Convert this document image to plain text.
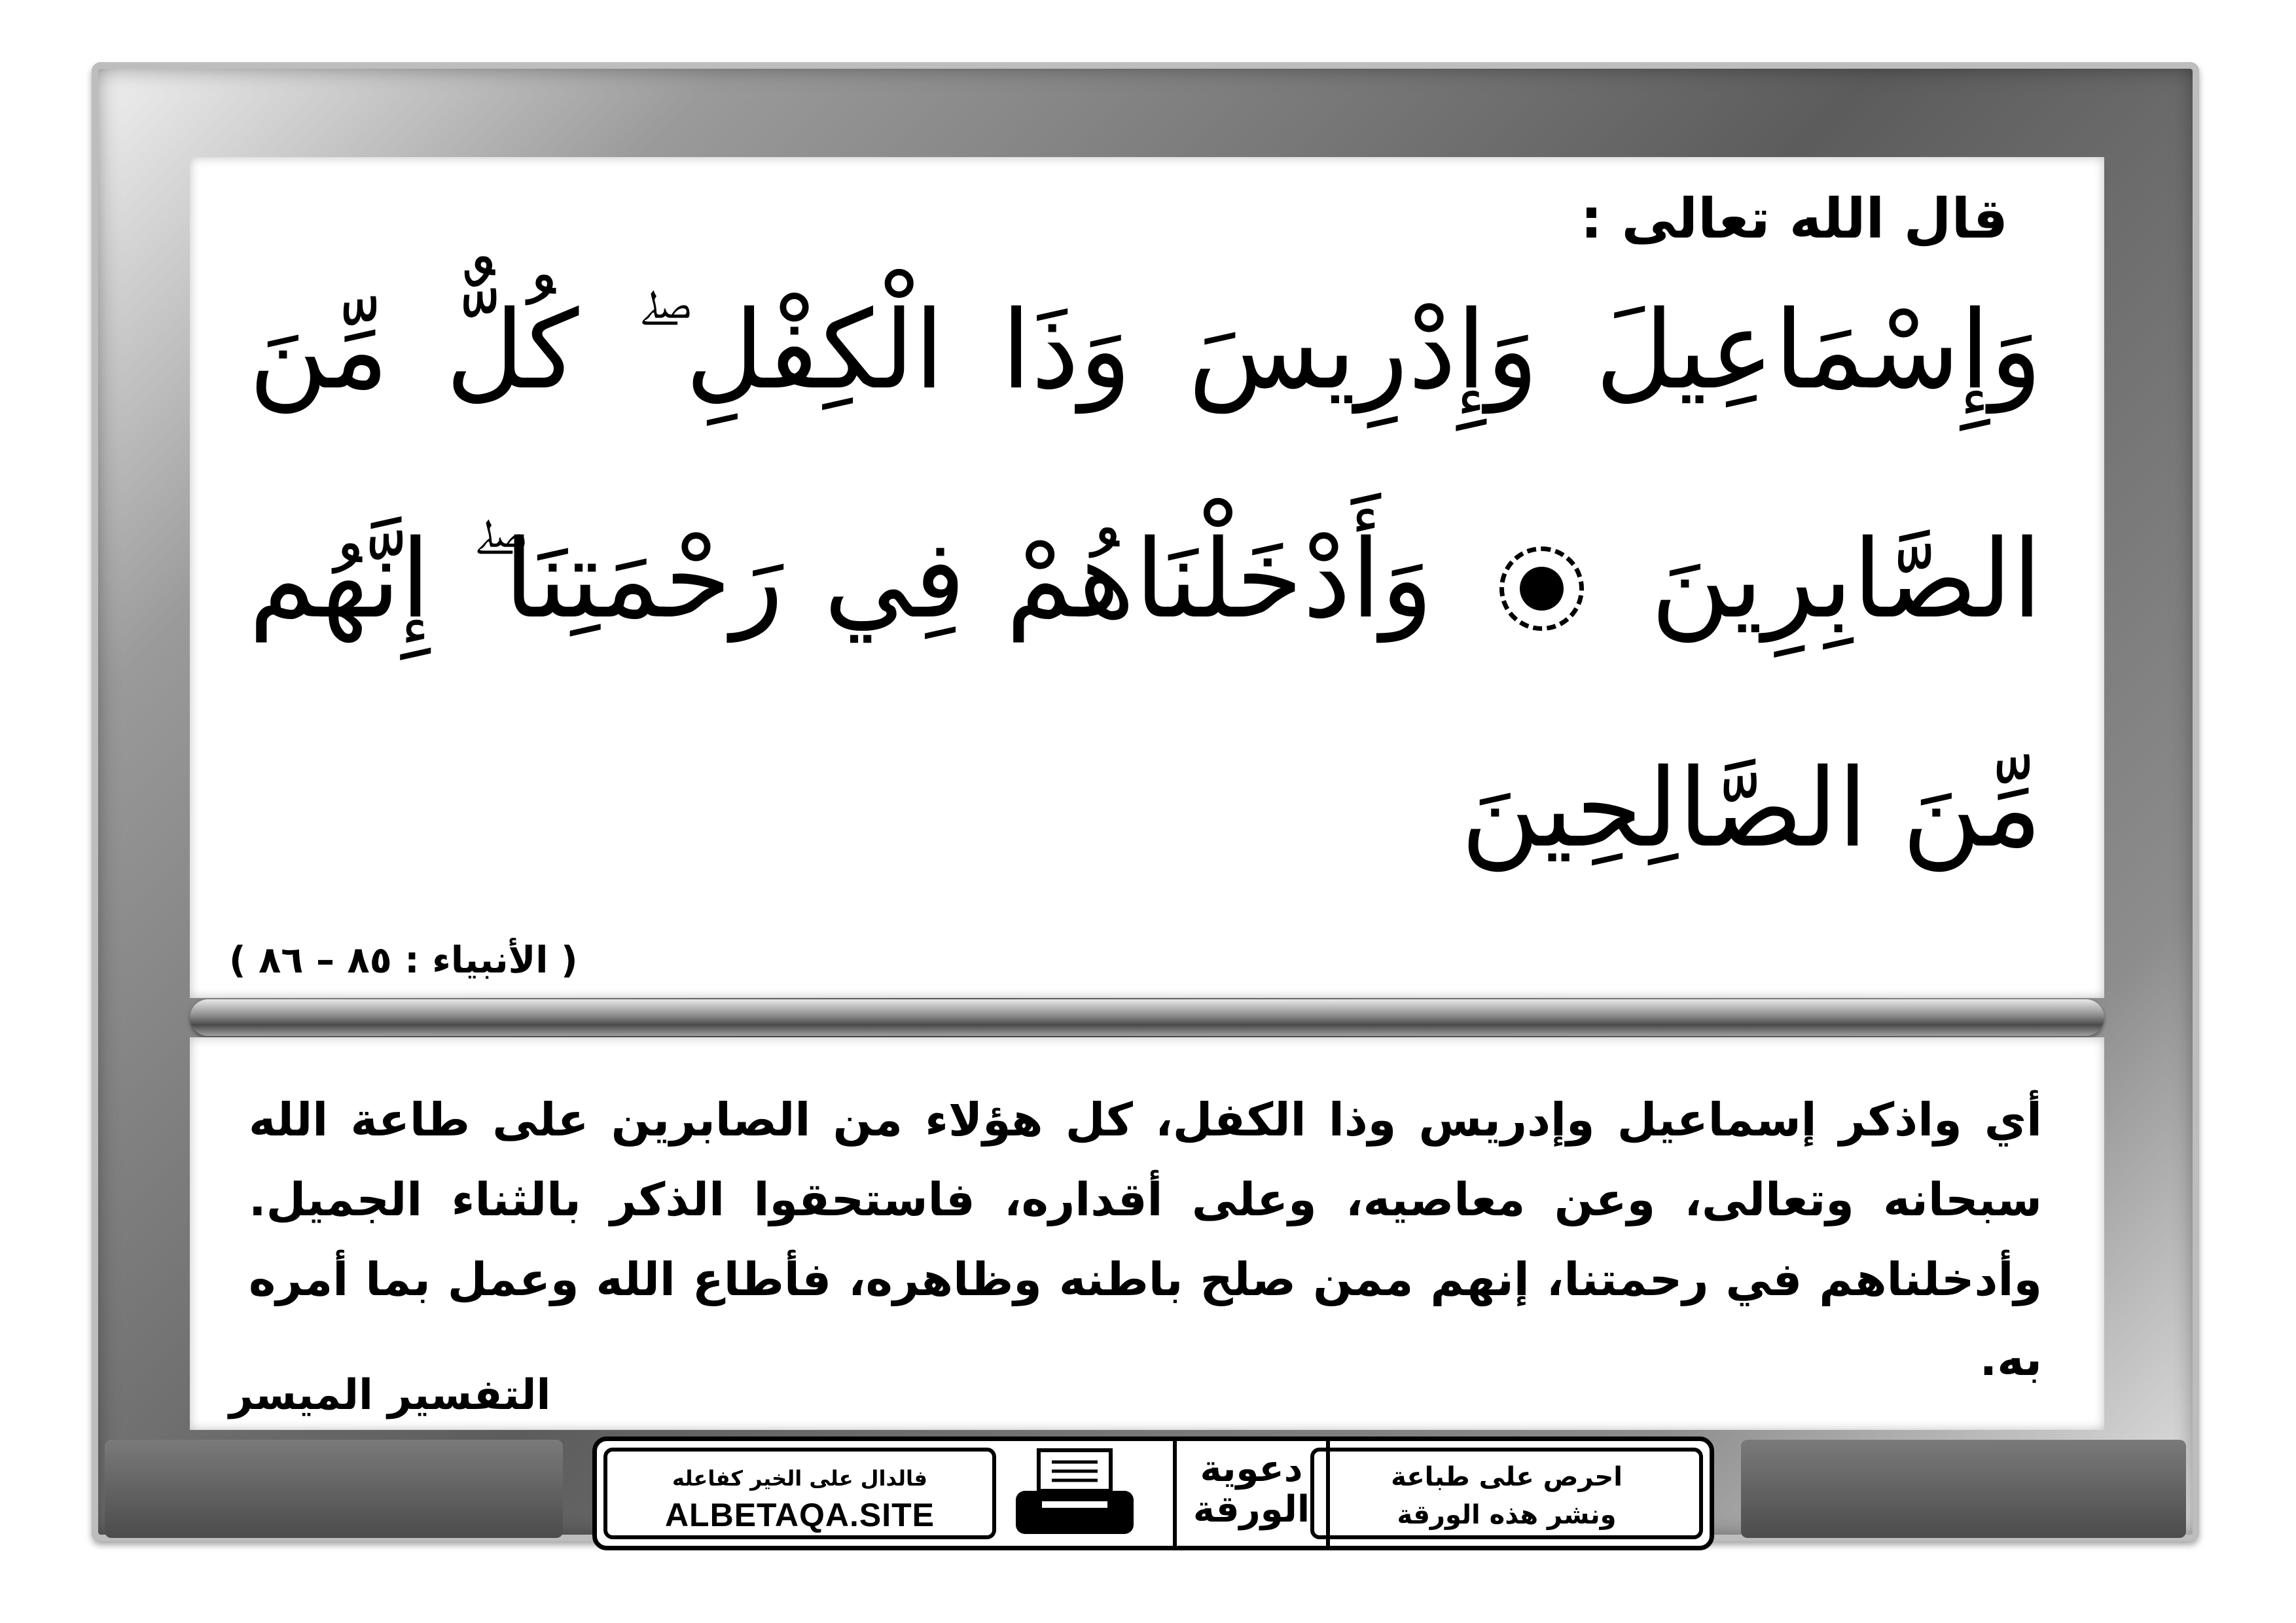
قال الله تعالى :
وَإِسْمَاعِيلَ وَإِدْرِيسَ وَذَا الْكِفْلِ ۖ كُلٌّ مِّنَ الصَّابِرِينَ  وَأَدْخَلْنَاهُمْ فِي رَحْمَتِنَا ۖ إِنَّهُم مِّنَ الصَّالِحِينَ
( الأنبياء : ٨٥ – ٨٦ )
أي واذكر إسماعيل وإدريس وذا الكفل، كل هؤلاء من الصابرين على طاعة الله سبحانه وتعالى، وعن معاصيه، وعلى أقداره، فاستحقوا الذكر بالثناء الجميل. وأدخلناهم في رحمتنا، إنهم ممن صلح باطنه وظاهره، فأطاع الله وعمل بما أمره به.
التفسير الميسر
فالدال على الخير كفاعله
ALBETAQA.SITE
دعوية
الورقة
احرص على طباعة
ونشر هذه الورقة
